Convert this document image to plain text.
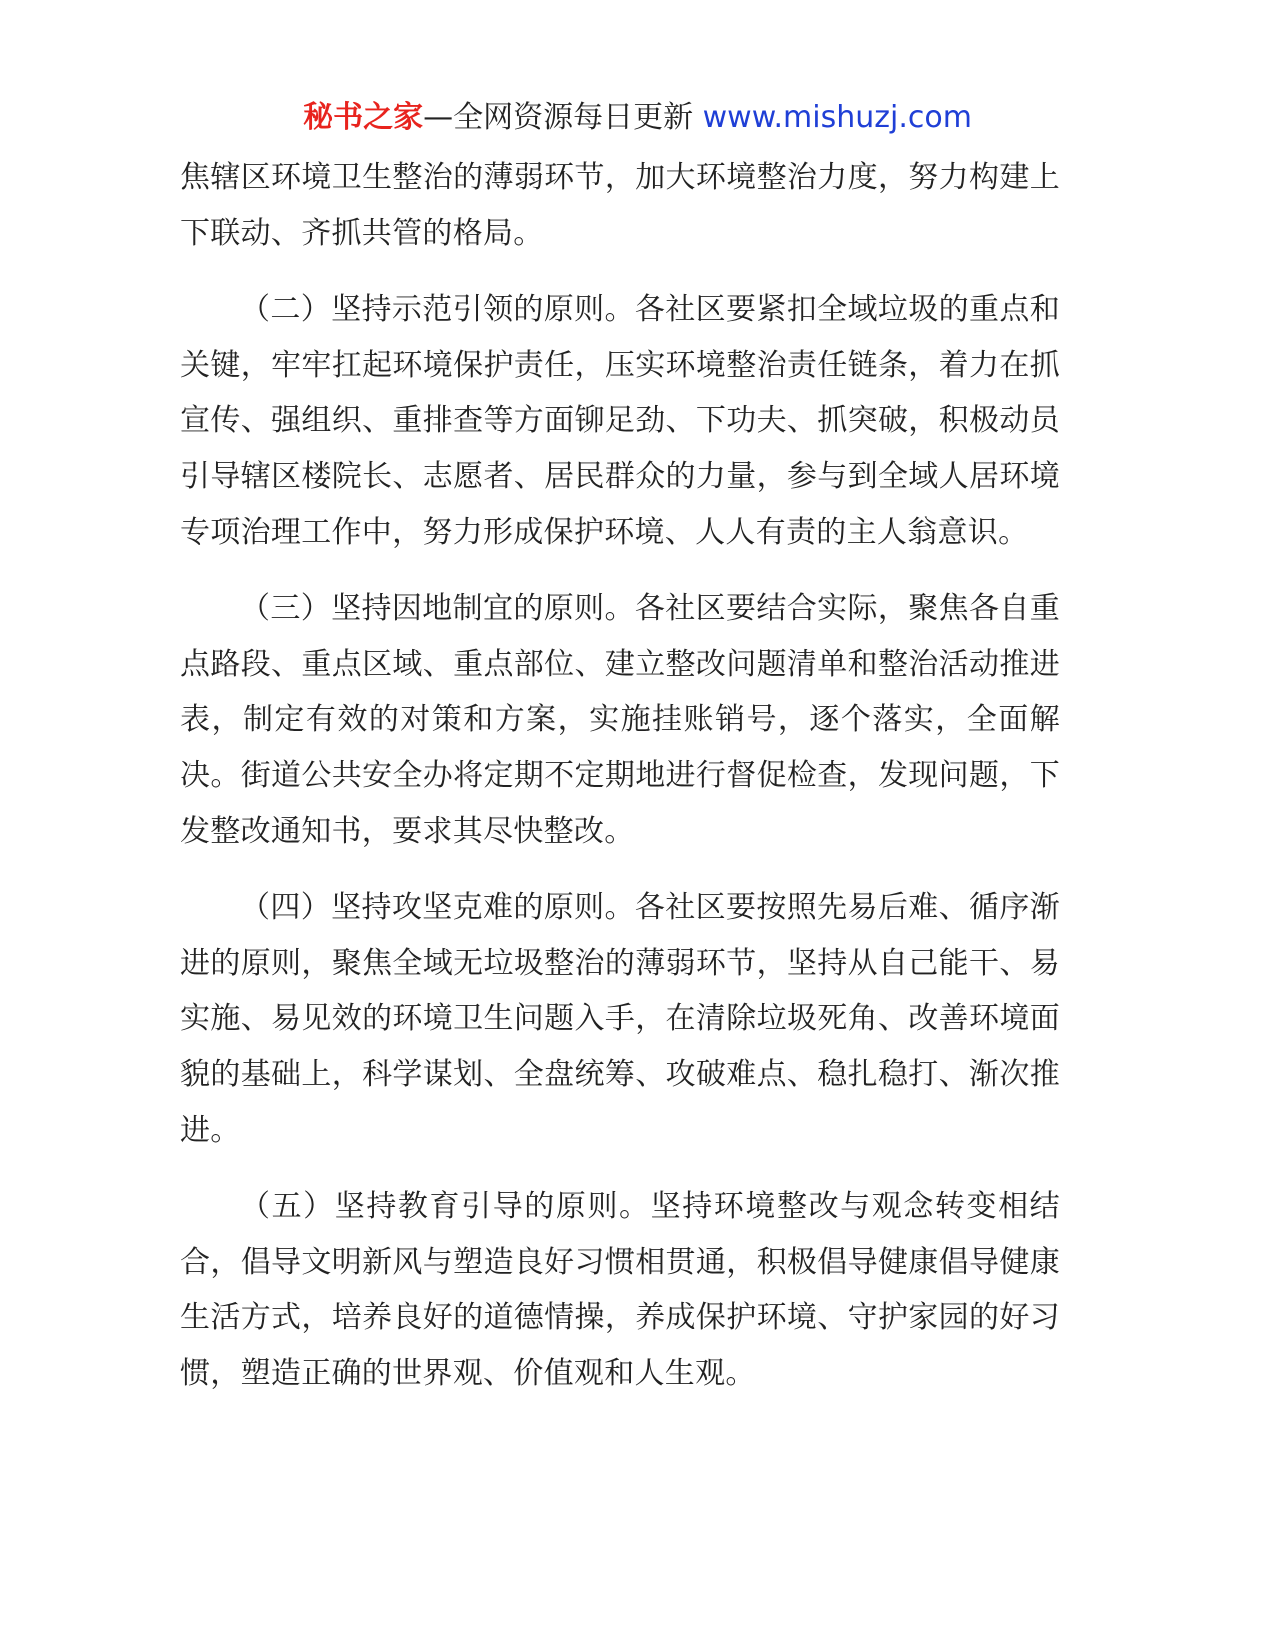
秘书之家—全网资源每日更新 www.mishuzj.com

焦辖区环境卫生整治的薄弱环节，加大环境整治力度，努力构建上下联动、齐抓共管的格局。

（二）坚持示范引领的原则。各社区要紧扣全域垃圾的重点和关键，牢牢扛起环境保护责任，压实环境整治责任链条，着力在抓宣传、强组织、重排查等方面铆足劲、下功夫、抓突破，积极动员引导辖区楼院长、志愿者、居民群众的力量，参与到全域人居环境专项治理工作中，努力形成保护环境、人人有责的主人翁意识。

（三）坚持因地制宜的原则。各社区要结合实际，聚焦各自重点路段、重点区域、重点部位、建立整改问题清单和整治活动推进表，制定有效的对策和方案，实施挂账销号，逐个落实，全面解决。街道公共安全办将定期不定期地进行督促检查，发现问题，下发整改通知书，要求其尽快整改。

（四）坚持攻坚克难的原则。各社区要按照先易后难、循序渐进的原则，聚焦全域无垃圾整治的薄弱环节，坚持从自己能干、易实施、易见效的环境卫生问题入手，在清除垃圾死角、改善环境面貌的基础上，科学谋划、全盘统筹、攻破难点、稳扎稳打、渐次推进。

（五）坚持教育引导的原则。坚持环境整改与观念转变相结合，倡导文明新风与塑造良好习惯相贯通，积极倡导健康倡导健康生活方式，培养良好的道德情操，养成保护环境、守护家园的好习惯，塑造正确的世界观、价值观和人生观。
